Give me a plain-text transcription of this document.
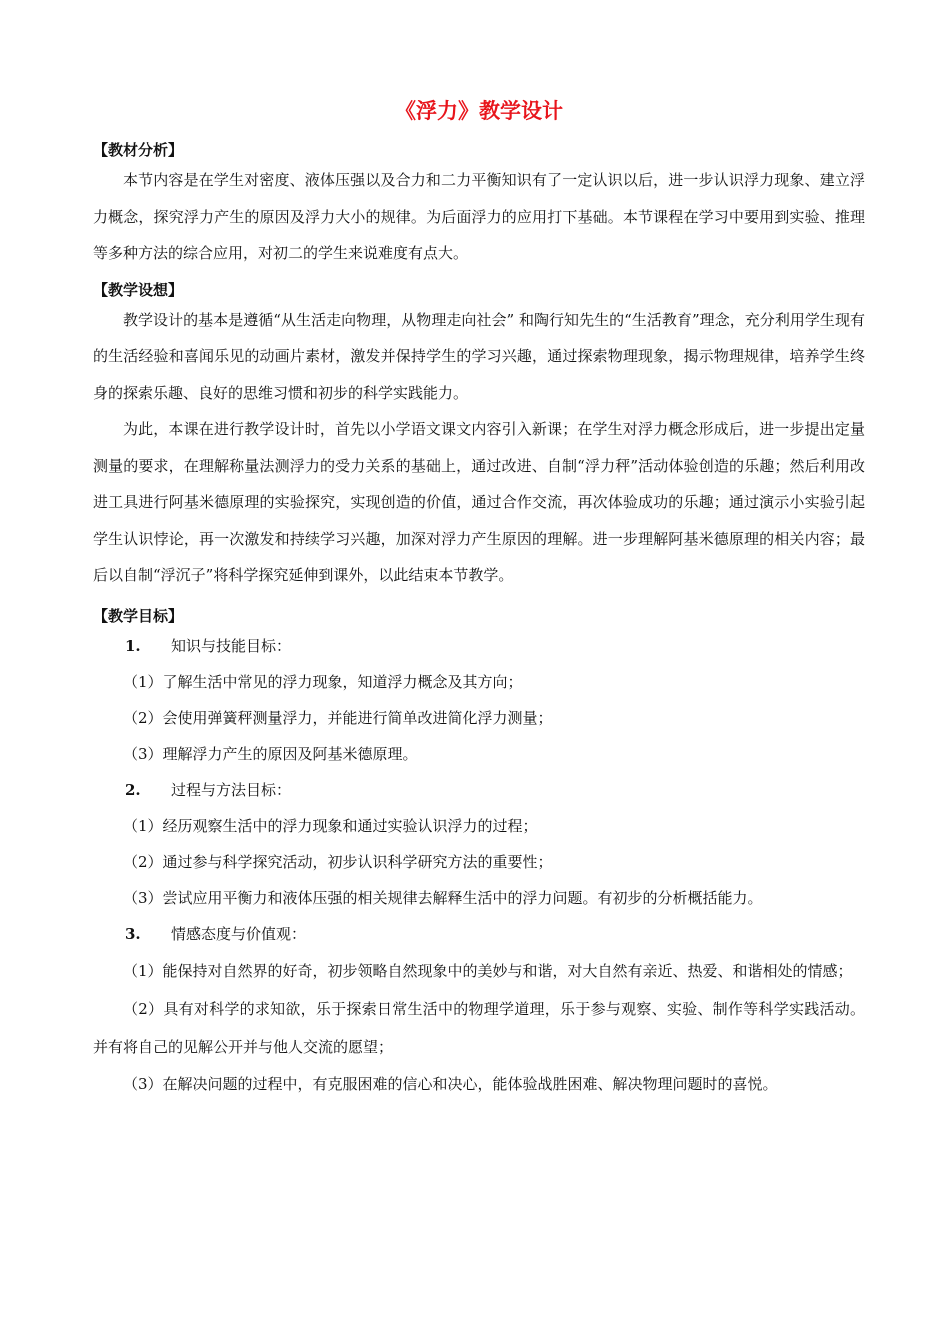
《浮力》教学设计

【教材分析】

本节内容是在学生对密度、液体压强以及合力和二力平衡知识有了一定认识以后，进一步认识浮力现象、建立浮力概念，探究浮力产生的原因及浮力大小的规律。为后面浮力的应用打下基础。本节课程在学习中要用到实验、推理等多种方法的综合应用，对初二的学生来说难度有点大。

【教学设想】

教学设计的基本是遵循“从生活走向物理，从物理走向社会” 和陶行知先生的“生活教育”理念，充分利用学生现有的生活经验和喜闻乐见的动画片素材，激发并保持学生的学习兴趣，通过探索物理现象，揭示物理规律，培养学生终身的探索乐趣、良好的思维习惯和初步的科学实践能力。

为此，本课在进行教学设计时，首先以小学语文课文内容引入新课；在学生对浮力概念形成后，进一步提出定量测量的要求，在理解称量法测浮力的受力关系的基础上，通过改进、自制“浮力秤”活动体验创造的乐趣；然后利用改进工具进行阿基米德原理的实验探究，实现创造的价值，通过合作交流，再次体验成功的乐趣；通过演示小实验引起学生认识悖论，再一次激发和持续学习兴趣，加深对浮力产生原因的理解。进一步理解阿基米德原理的相关内容；最后以自制“浮沉子”将科学探究延伸到课外，以此结束本节教学。

【教学目标】

1.	知识与技能目标：

（1）了解生活中常见的浮力现象，知道浮力概念及其方向；

（2）会使用弹簧秤测量浮力，并能进行简单改进简化浮力测量；

（3）理解浮力产生的原因及阿基米德原理。

2.	过程与方法目标：

（1）经历观察生活中的浮力现象和通过实验认识浮力的过程；

（2）通过参与科学探究活动，初步认识科学研究方法的重要性；

（3）尝试应用平衡力和液体压强的相关规律去解释生活中的浮力问题。有初步的分析概括能力。

3.	情感态度与价值观：

（1）能保持对自然界的好奇，初步领略自然现象中的美妙与和谐，对大自然有亲近、热爱、和谐相处的情感；

（2）具有对科学的求知欲，乐于探索日常生活中的物理学道理，乐于参与观察、实验、制作等科学实践活动。并有将自己的见解公开并与他人交流的愿望；

（3）在解决问题的过程中，有克服困难的信心和决心，能体验战胜困难、解决物理问题时的喜悦。
